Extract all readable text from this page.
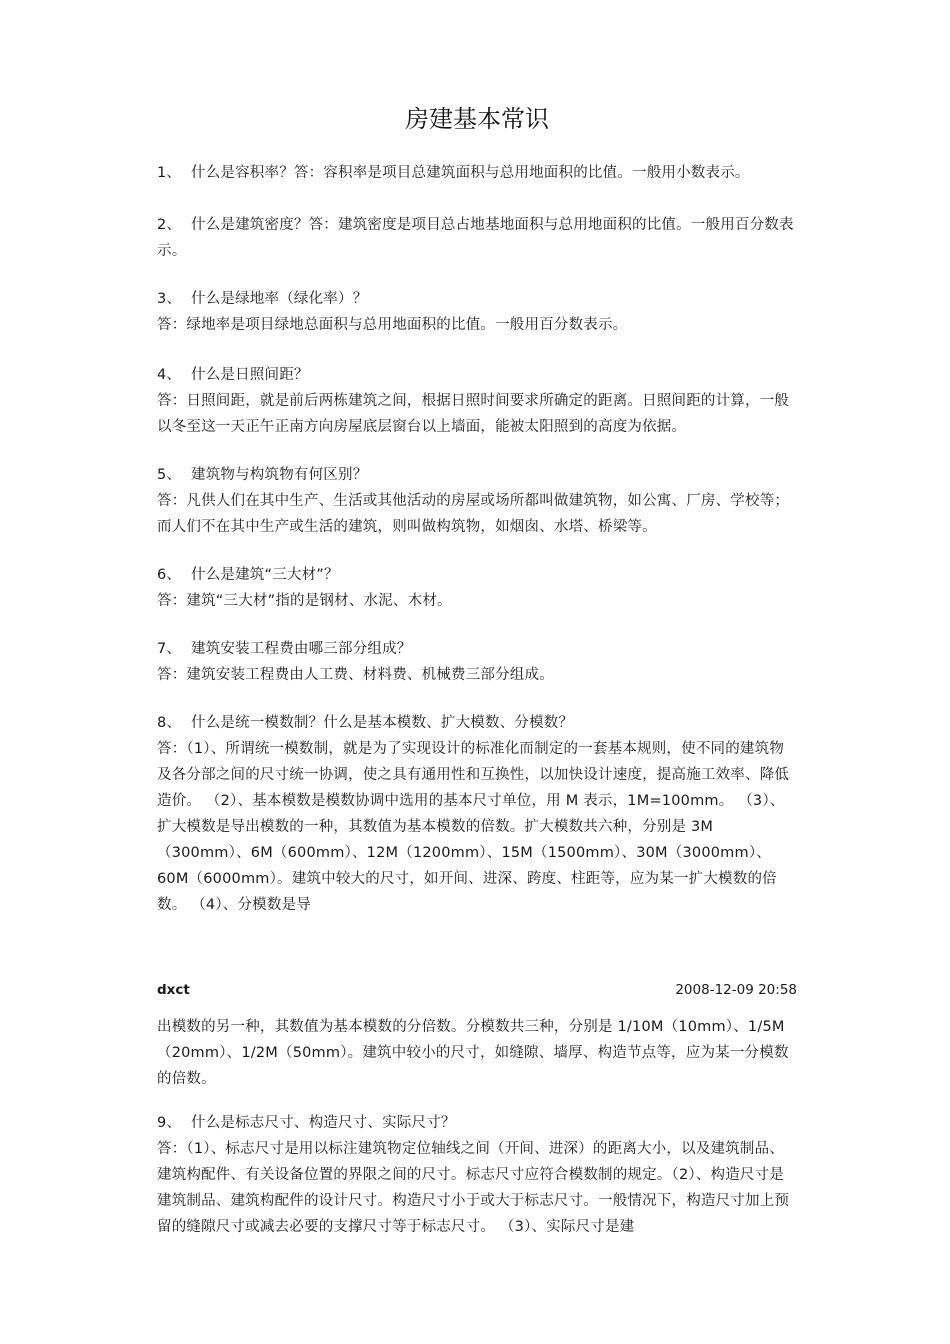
房建基本常识

1、 什么是容积率？答：容积率是项目总建筑面积与总用地面积的比值。一般用小数表示。

2、 什么是建筑密度？答：建筑密度是项目总占地基地面积与总用地面积的比值。一般用百分数表示。

3、 什么是绿地率（绿化率）？

答：绿地率是项目绿地总面积与总用地面积的比值。一般用百分数表示。

4、 什么是日照间距？

答：日照间距，就是前后两栋建筑之间，根据日照时间要求所确定的距离。日照间距的计算，一般以冬至这一天正午正南方向房屋底层窗台以上墙面，能被太阳照到的高度为依据。

5、 建筑物与构筑物有何区别？

答：凡供人们在其中生产、生活或其他活动的房屋或场所都叫做建筑物，如公寓、厂房、学校等；而人们不在其中生产或生活的建筑，则叫做构筑物，如烟囱、水塔、桥梁等。

6、 什么是建筑“三大材”？

答：建筑“三大材”指的是钢材、水泥、木材。

7、 建筑安装工程费由哪三部分组成？

答：建筑安装工程费由人工费、材料费、机械费三部分组成。

8、 什么是统一模数制？什么是基本模数、扩大模数、分模数？

答：（1）、所谓统一模数制，就是为了实现设计的标准化而制定的一套基本规则，使不同的建筑物及各分部之间的尺寸统一协调，使之具有通用性和互换性，以加快设计速度，提高施工效率、降低造价。 （2）、基本模数是模数协调中选用的基本尺寸单位，用 M 表示，1M=100mm。 （3）、扩大模数是导出模数的一种，其数值为基本模数的倍数。扩大模数共六种，分别是 3M（300mm）、6M（600mm）、12M（1200mm）、15M（1500mm）、30M（3000mm）、60M（6000mm）。建筑中较大的尺寸，如开间、进深、跨度、柱距等，应为某一扩大模数的倍数。 （4）、分模数是导

dxct	2008-12-09 20:58

出模数的另一种，其数值为基本模数的分倍数。分模数共三种，分别是 1/10M（10mm）、1/5M（20mm）、1/2M（50mm）。建筑中较小的尺寸，如缝隙、墙厚、构造节点等，应为某一分模数的倍数。

9、 什么是标志尺寸、构造尺寸、实际尺寸？

答：（1）、标志尺寸是用以标注建筑物定位轴线之间（开间、进深）的距离大小，以及建筑制品、建筑构配件、有关设备位置的界限之间的尺寸。标志尺寸应符合模数制的规定。（2）、构造尺寸是建筑制品、建筑构配件的设计尺寸。构造尺寸小于或大于标志尺寸。一般情况下，构造尺寸加上预留的缝隙尺寸或减去必要的支撑尺寸等于标志尺寸。 （3）、实际尺寸是建
